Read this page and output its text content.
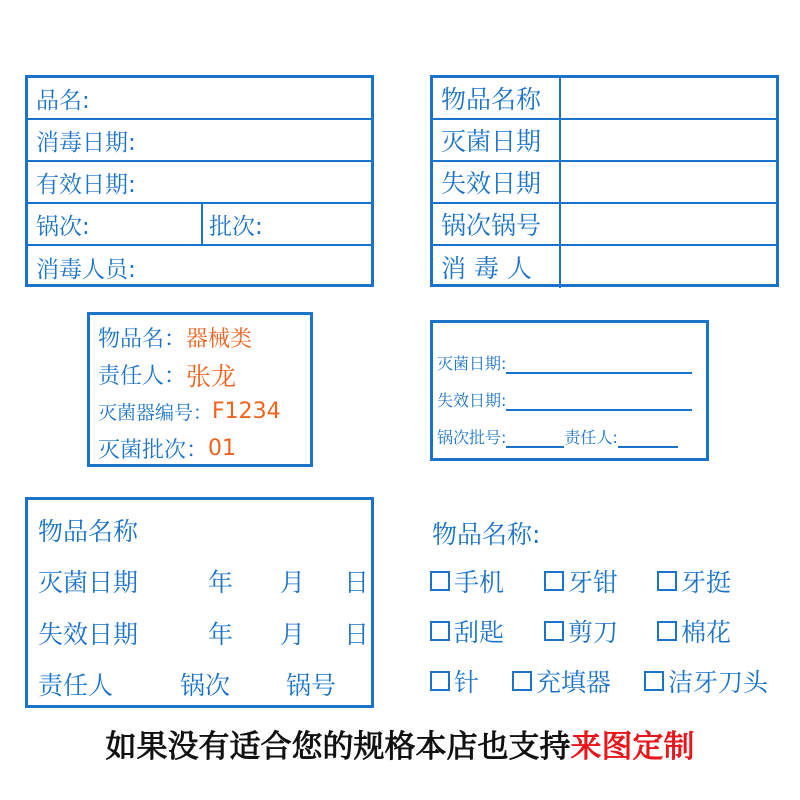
品名:
消毒日期:
有效日期:
锅次:	批次:
消毒人员:
物品名称
灭菌日期
失效日期
锅次锅号
消 毒 人
物品名： 器械类
责任人： 张龙
灭菌器编号： F1234
灭菌批次： 01
灭菌日期:
失效日期:
锅次批号:	责任人:
物品名称
灭菌日期	年 月 日
失效日期	年 月 日
责任人	锅次 锅号
物品名称:
手机	牙钳	牙挺
刮匙	剪刀	棉花
针 充填器 洁牙刀头
如果没有适合您的规格本店也支持来图定制
